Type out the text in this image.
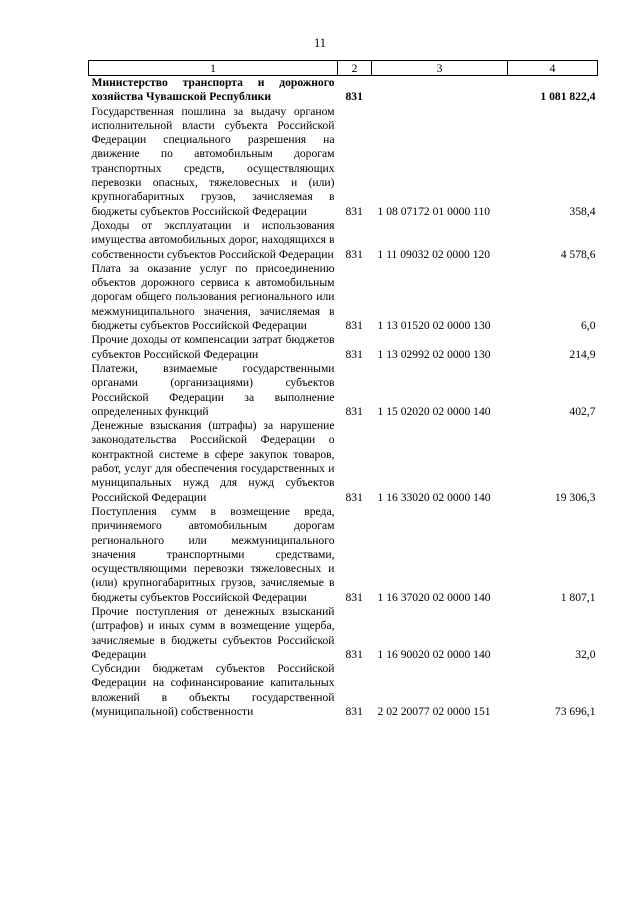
11
1	2	3	4
Министерство транспорта и дорожного хозяйства Чувашской Республики	831		1 081 822,4
Государственная пошлина за выдачу органом исполнительной власти субъекта Российской Федерации специального разрешения на движение по автомобильным дорогам транспортных средств, осуществляющих перевозки опасных, тяжеловесных и (или) крупногабаритных грузов, зачисляемая в бюджеты субъектов Российской Федерации	831	1 08 07172 01 0000 110	358,4
Доходы от эксплуатации и использования имущества автомобильных дорог, находящихся в собственности субъектов Российской Федерации	831	1 11 09032 02 0000 120	4 578,6
Плата за оказание услуг по присоединению объектов дорожного сервиса к автомобильным дорогам общего пользования регионального или межмуниципального значения, зачисляемая в бюджеты субъектов Российской Федерации	831	1 13 01520 02 0000 130	6,0
Прочие доходы от компенсации затрат бюджетов субъектов Российской Федерации	831	1 13 02992 02 0000 130	214,9
Платежи, взимаемые государственными органами (организациями) субъектов Российской Федерации за выполнение определенных функций	831	1 15 02020 02 0000 140	402,7
Денежные взыскания (штрафы) за нарушение законодательства Российской Федерации о контрактной системе в сфере закупок товаров, работ, услуг для обеспечения государственных и муниципальных нужд для нужд субъектов Российской Федерации	831	1 16 33020 02 0000 140	19 306,3
Поступления сумм в возмещение вреда, причиняемого автомобильным дорогам регионального или межмуниципального значения транспортными средствами, осуществляющими перевозки тяжеловесных и (или) крупногабаритных грузов, зачисляемые в бюджеты субъектов Российской Федерации	831	1 16 37020 02 0000 140	1 807,1
Прочие поступления от денежных взысканий (штрафов) и иных сумм в возмещение ущерба, зачисляемые в бюджеты субъектов Российской Федерации	831	1 16 90020 02 0000 140	32,0
Субсидии бюджетам субъектов Российской Федерации на софинансирование капитальных вложений в объекты государственной (муниципальной) собственности	831	2 02 20077 02 0000 151	73 696,1
